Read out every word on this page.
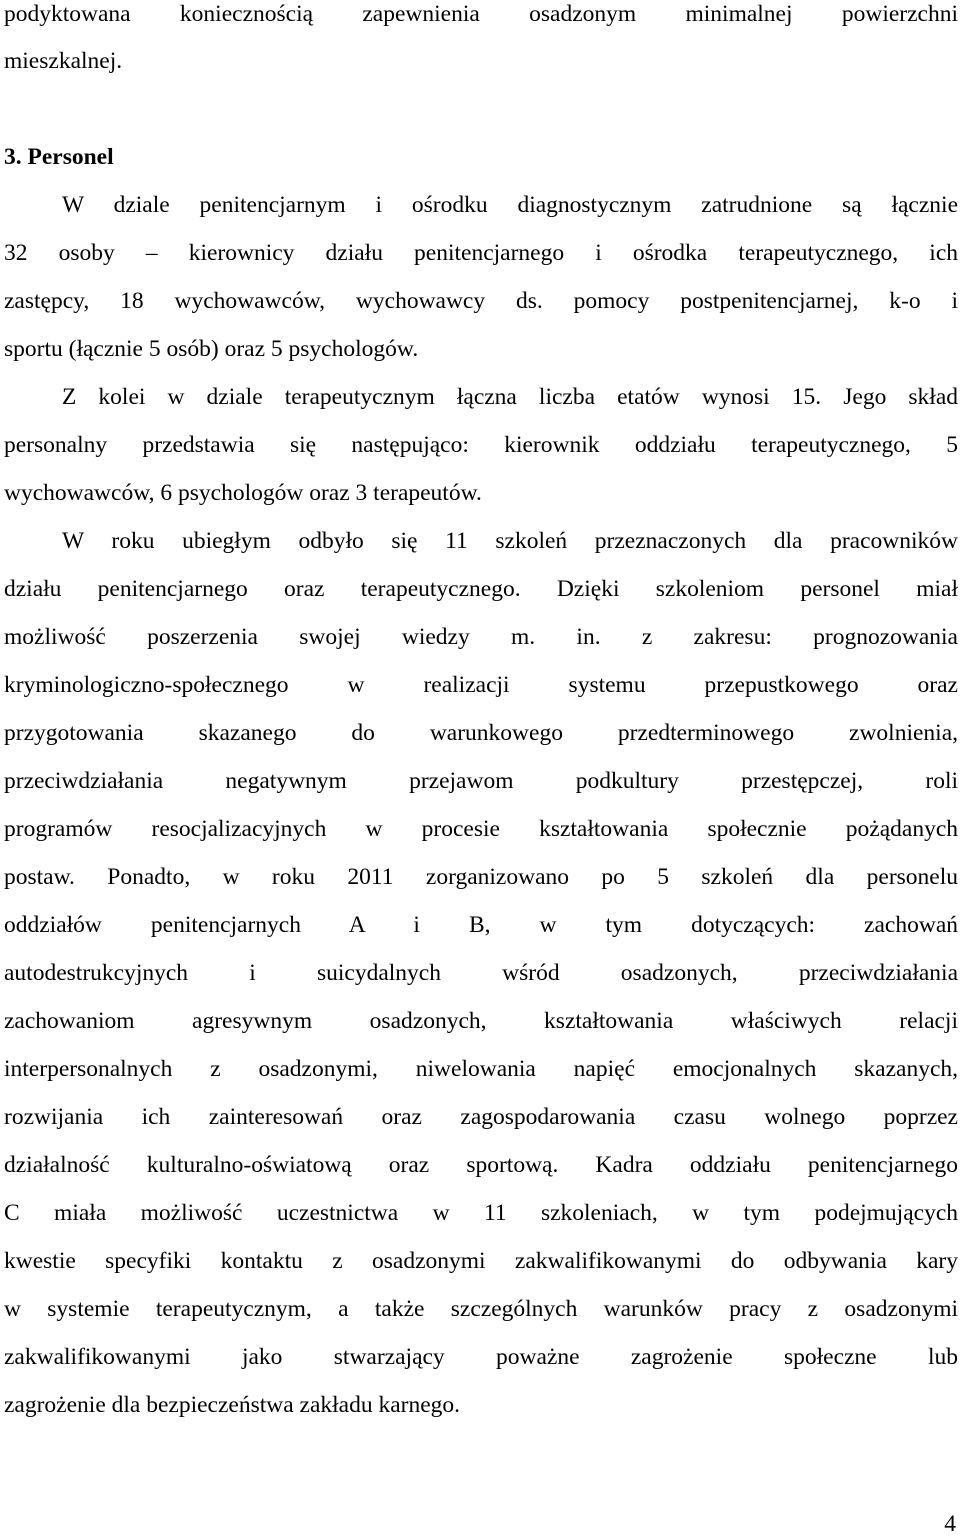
podyktowana koniecznością zapewnienia osadzonym minimalnej powierzchni
mieszkalnej.
3. Personel
W dziale penitencjarnym i ośrodku diagnostycznym zatrudnione są łącznie
32 osoby – kierownicy działu penitencjarnego i ośrodka terapeutycznego, ich
zastępcy, 18 wychowawców, wychowawcy ds. pomocy postpenitencjarnej, k-o i
sportu (łącznie 5 osób) oraz 5 psychologów.
Z kolei w dziale terapeutycznym łączna liczba etatów wynosi 15. Jego skład
personalny przedstawia się następująco: kierownik oddziału terapeutycznego, 5
wychowawców, 6 psychologów oraz 3 terapeutów.
W roku ubiegłym odbyło się 11 szkoleń przeznaczonych dla pracowników
działu penitencjarnego oraz terapeutycznego. Dzięki szkoleniom personel miał
możliwość poszerzenia swojej wiedzy m. in. z zakresu: prognozowania
kryminologiczno-społecznego w realizacji systemu przepustkowego oraz
przygotowania skazanego do warunkowego przedterminowego zwolnienia,
przeciwdziałania negatywnym przejawom podkultury przestępczej, roli
programów resocjalizacyjnych w procesie kształtowania społecznie pożądanych
postaw. Ponadto, w roku 2011 zorganizowano po 5 szkoleń dla personelu
oddziałów penitencjarnych A i B, w tym dotyczących: zachowań
autodestrukcyjnych i suicydalnych wśród osadzonych, przeciwdziałania
zachowaniom agresywnym osadzonych, kształtowania właściwych relacji
interpersonalnych z osadzonymi, niwelowania napięć emocjonalnych skazanych,
rozwijania ich zainteresowań oraz zagospodarowania czasu wolnego poprzez
działalność kulturalno-oświatową oraz sportową. Kadra oddziału penitencjarnego
C miała możliwość uczestnictwa w 11 szkoleniach, w tym podejmujących
kwestie specyfiki kontaktu z osadzonymi zakwalifikowanymi do odbywania kary
w systemie terapeutycznym, a także szczególnych warunków pracy z osadzonymi
zakwalifikowanymi jako stwarzający poważne zagrożenie społeczne lub
zagrożenie dla bezpieczeństwa zakładu karnego.
4
